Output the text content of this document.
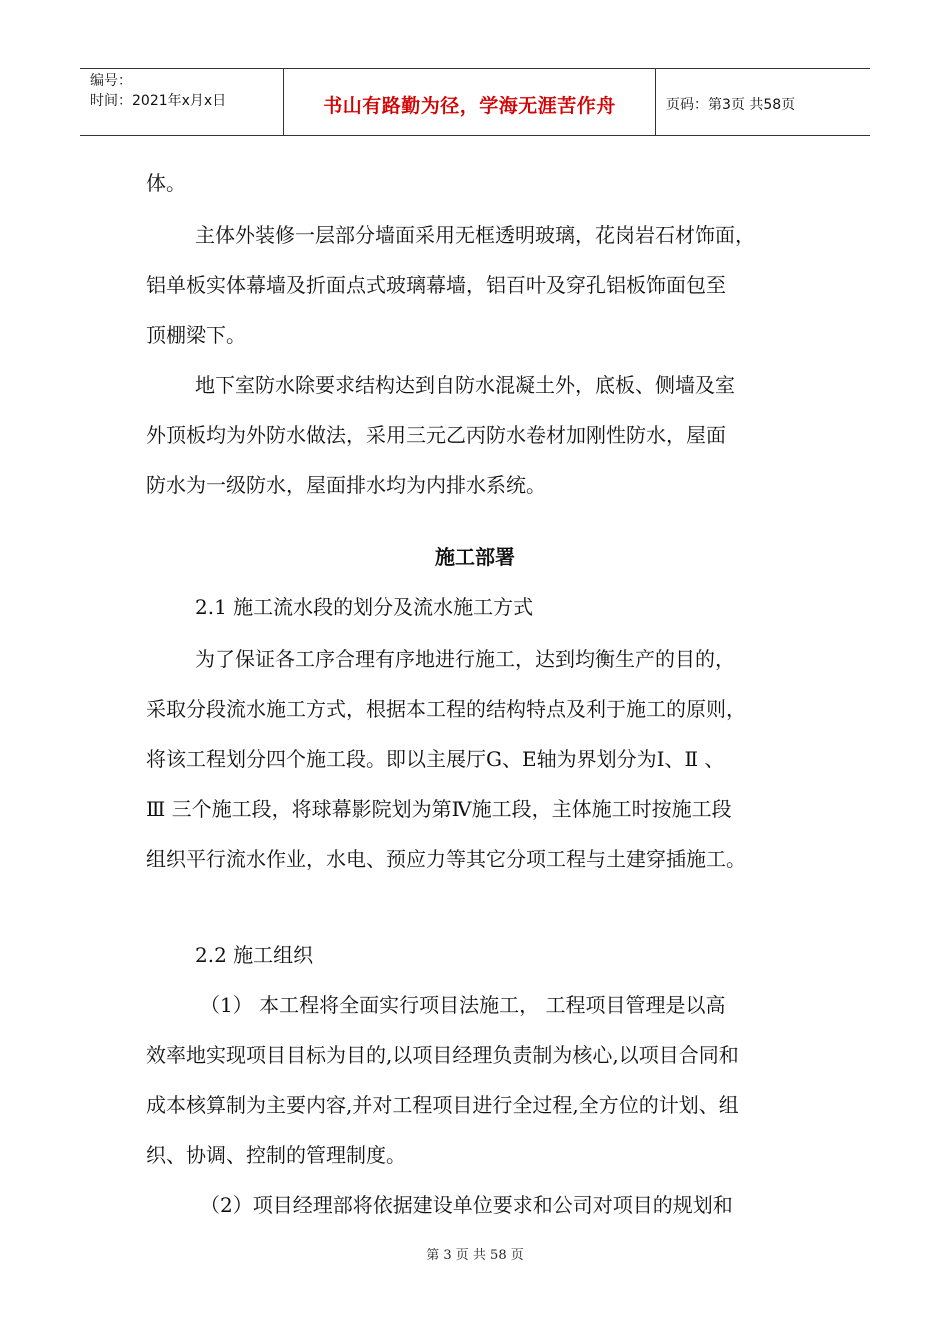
编号：
时间：2021年x月x日	书山有路勤为径，学海无涯苦作舟	页码：第3页 共58页
体。
主体外装修一层部分墙面采用无框透明玻璃，花岗岩石材饰面，
铝单板实体幕墙及折面点式玻璃幕墙，铝百叶及穿孔铝板饰面包至
顶棚梁下。
地下室防水除要求结构达到自防水混凝土外，底板、侧墙及室
外顶板均为外防水做法，采用三元乙丙防水卷材加刚性防水，屋面
防水为一级防水，屋面排水均为内排水系统。
施工部署
2.1 施工流水段的划分及流水施工方式
为了保证各工序合理有序地进行施工，达到均衡生产的目的，
采取分段流水施工方式，根据本工程的结构特点及利于施工的原则，
将该工程划分四个施工段。即以主展厅G、E轴为界划分为Ⅰ、Ⅱ 、
Ⅲ 三个施工段，将球幕影院划为第Ⅳ施工段，主体施工时按施工段
组织平行流水作业，水电、预应力等其它分项工程与土建穿插施工。
2.2 施工组织
（1） 本工程将全面实行项目法施工， 工程项目管理是以高
效率地实现项目目标为目的,以项目经理负责制为核心,以项目合同和
成本核算制为主要内容,并对工程项目进行全过程,全方位的计划、组
织、协调、控制的管理制度。
（2）项目经理部将依据建设单位要求和公司对项目的规划和
第 3 页 共 58 页
